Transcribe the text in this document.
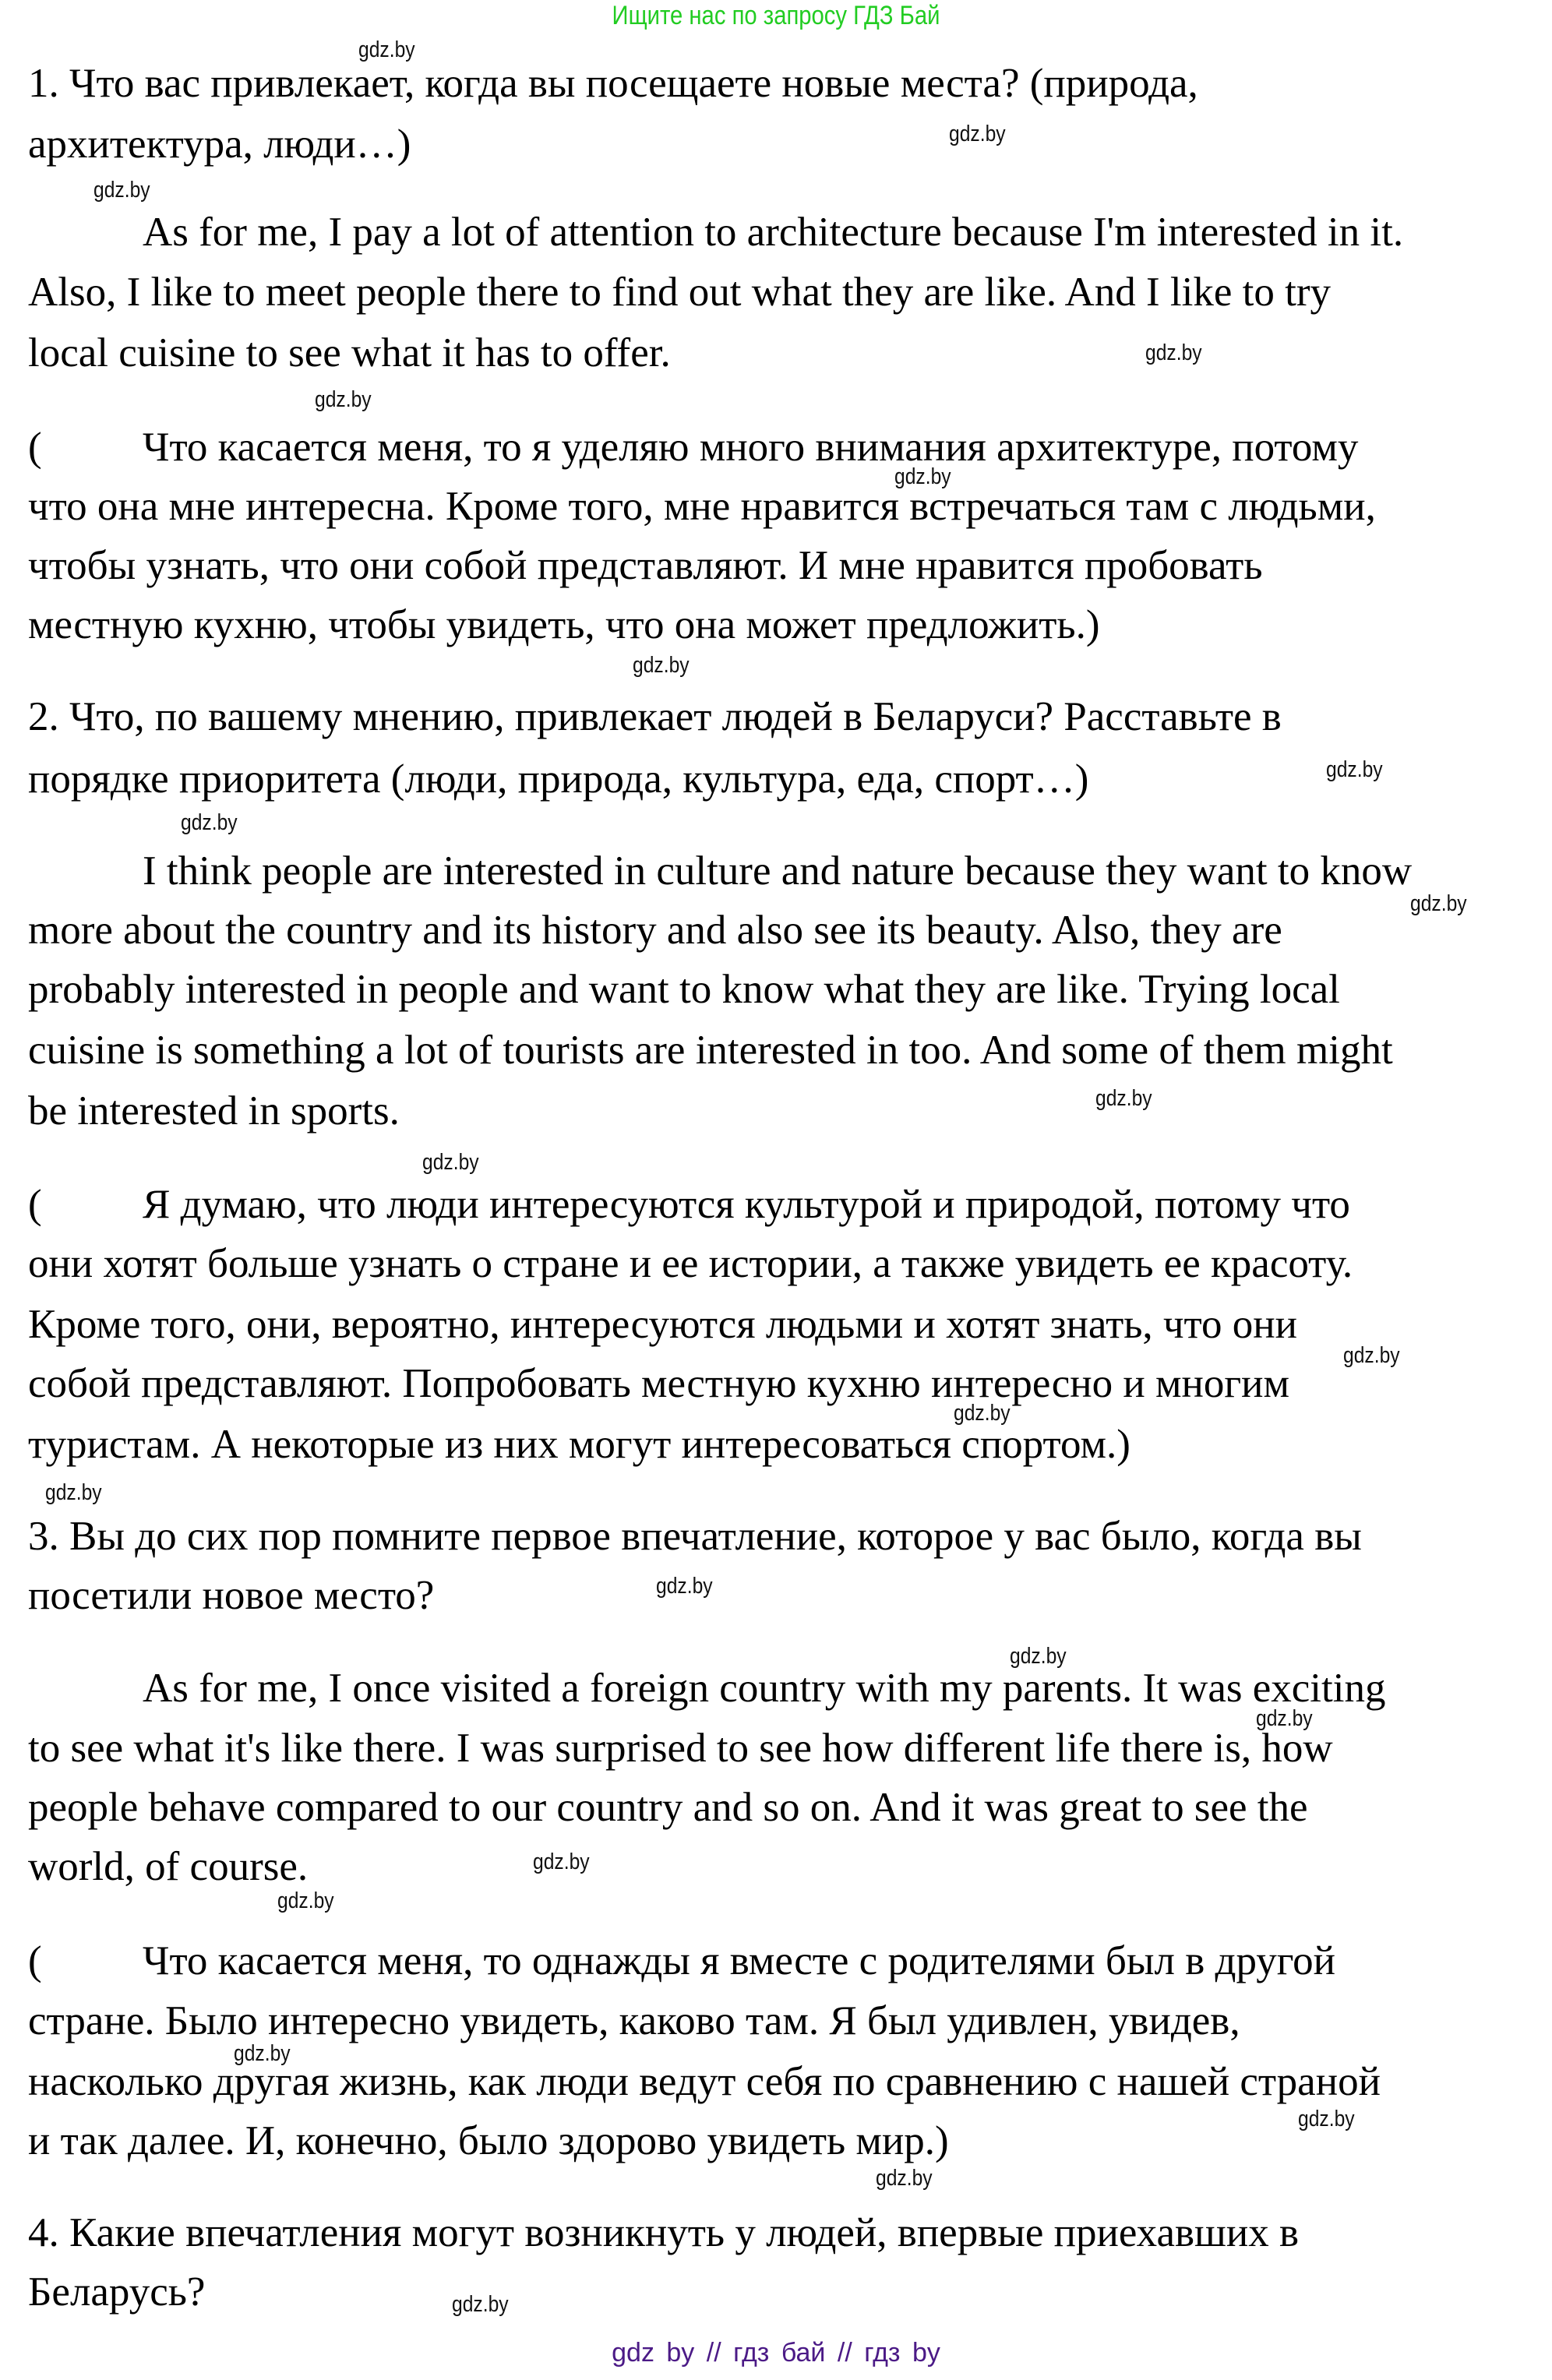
Ищите нас по запросу ГДЗ Бай
1. Что вас привлекает, когда вы посещаете новые места? (природа,
архитектура, люди…)
As for me, I pay a lot of attention to architecture because I'm interested in it.
Also, I like to meet people there to find out what they are like. And I like to try
local cuisine to see what it has to offer.
(	Что касается меня, то я уделяю много внимания архитектуре, потому
что она мне интересна. Кроме того, мне нравится встречаться там с людьми,
чтобы узнать, что они собой представляют. И мне нравится пробовать
местную кухню, чтобы увидеть, что она может предложить.)
2. Что, по вашему мнению, привлекает людей в Беларуси? Расставьте в
порядке приоритета (люди, природа, культура, еда, спорт…)
I think people are interested in culture and nature because they want to know
more about the country and its history and also see its beauty. Also, they are
probably interested in people and want to know what they are like. Trying local
cuisine is something a lot of tourists are interested in too. And some of them might
be interested in sports.
(	Я думаю, что люди интересуются культурой и природой, потому что
они хотят больше узнать о стране и ее истории, а также увидеть ее красоту.
Кроме того, они, вероятно, интересуются людьми и хотят знать, что они
собой представляют. Попробовать местную кухню интересно и многим
туристам. А некоторые из них могут интересоваться спортом.)
3. Вы до сих пор помните первое впечатление, которое у вас было, когда вы
посетили новое место?
As for me, I once visited a foreign country with my parents. It was exciting
to see what it's like there. I was surprised to see how different life there is, how
people behave compared to our country and so on. And it was great to see the
world, of course.
(	Что касается меня, то однажды я вместе с родителями был в другой
стране. Было интересно увидеть, каково там. Я был удивлен, увидев,
насколько другая жизнь, как люди ведут себя по сравнению с нашей страной
и так далее. И, конечно, было здорово увидеть мир.)
4. Какие впечатления могут возникнуть у людей, впервые приехавших в
Беларусь?
gdz.by
gdz.by
gdz.by
gdz.by
gdz.by
gdz.by
gdz.by
gdz.by
gdz.by
gdz.by
gdz.by
gdz.by
gdz.by
gdz.by
gdz.by
gdz.by
gdz.by
gdz.by
gdz.by
gdz.by
gdz.by
gdz.by
gdz.by
gdz.by
gdz by // гдз бай // гдз by
